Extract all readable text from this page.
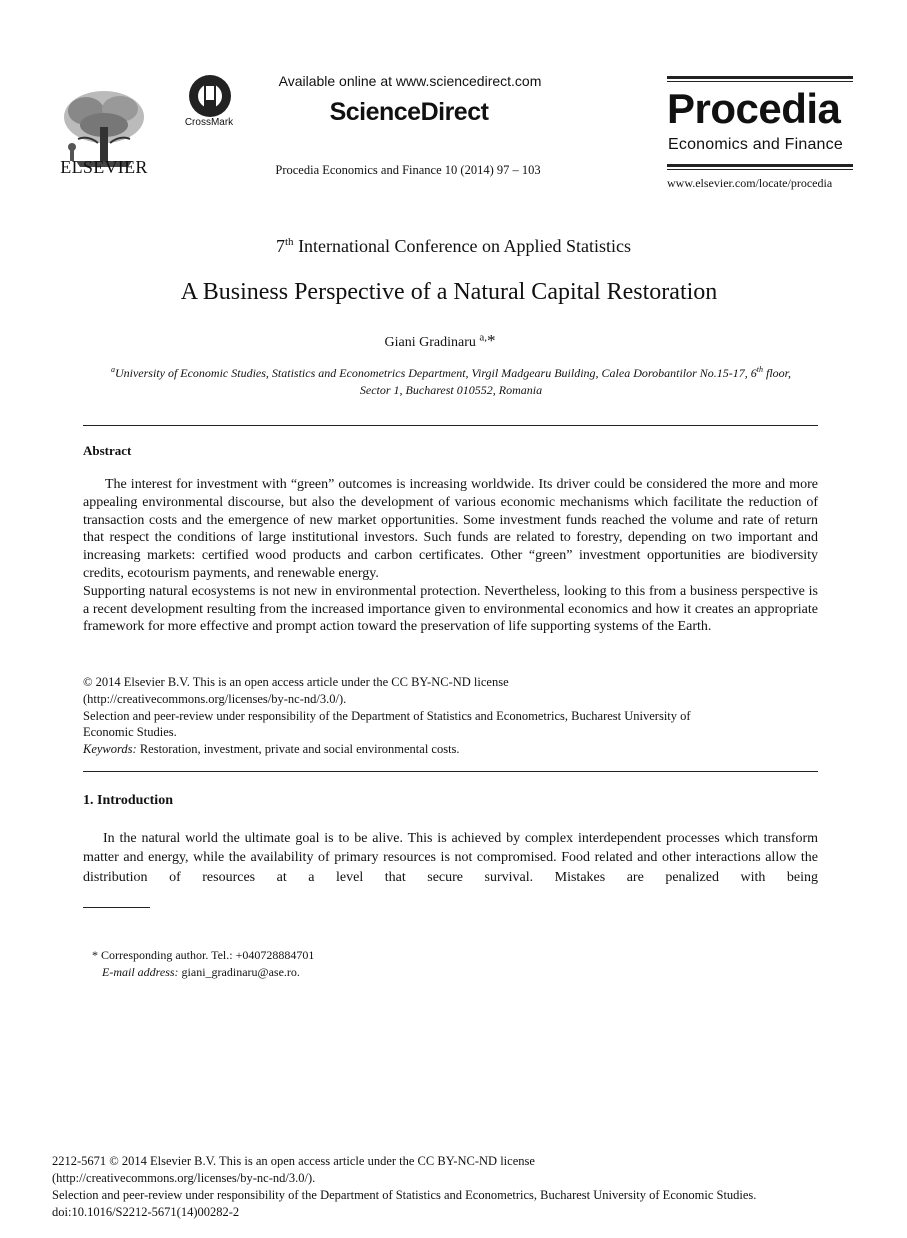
ELSEVIER
CrossMark
Available online at www.sciencedirect.com
ScienceDirect
Procedia Economics and Finance 10 (2014) 97 – 103
Procedia
Economics and Finance
www.elsevier.com/locate/procedia
7th International Conference on Applied Statistics
A Business Perspective of a Natural Capital Restoration
Giani Gradinaru $^{a,}$*
$^a$University of Economic Studies, Statistics and Econometrics Department, Virgil Madgearu Building, Calea Dorobantilor No.15-17, 6th floor,
Sector 1, Bucharest 010552, Romania
Abstract

The interest for investment with “green” outcomes is increasing worldwide. Its driver could be considered the more and more appealing environmental discourse, but also the development of various economic mechanisms which facilitate the reduction of transaction costs and the emergence of new market opportunities. Some investment funds reached the volume and rate of return that respect the conditions of large institutional investors. Such funds are related to forestry, depending on two important and increasing markets: certified wood products and carbon certificates. Other “green” investment opportunities are biodiversity credits, ecotourism payments, and renewable energy.

Supporting natural ecosystems is not new in environmental protection. Nevertheless, looking to this from a business perspective is a recent development resulting from the increased importance given to environmental economics and how it creates an appropriate framework for more effective and prompt action toward the preservation of life supporting systems of the Earth.

© 2014 Elsevier B.V. This is an open access article under the CC BY-NC-ND license
(http://creativecommons.org/licenses/by-nc-nd/3.0/).
Selection and peer-review under responsibility of the Department of Statistics and Econometrics, Bucharest University of
Economic Studies.
Keywords: Restoration, investment, private and social environmental costs.
1. Introduction
In the natural world the ultimate goal is to be alive. This is achieved by complex interdependent processes which transform matter and energy, while the availability of primary resources is not compromised. Food related and other interactions allow the distribution of resources at a level that secure survival. Mistakes are penalized with being
* Corresponding author. Tel.: +040728884701
E-mail address: giani_gradinaru@ase.ro.
2212-5671 © 2014 Elsevier B.V. This is an open access article under the CC BY-NC-ND license
(http://creativecommons.org/licenses/by-nc-nd/3.0/).
Selection and peer-review under responsibility of the Department of Statistics and Econometrics, Bucharest University of Economic Studies.
doi:10.1016/S2212-5671(14)00282-2
